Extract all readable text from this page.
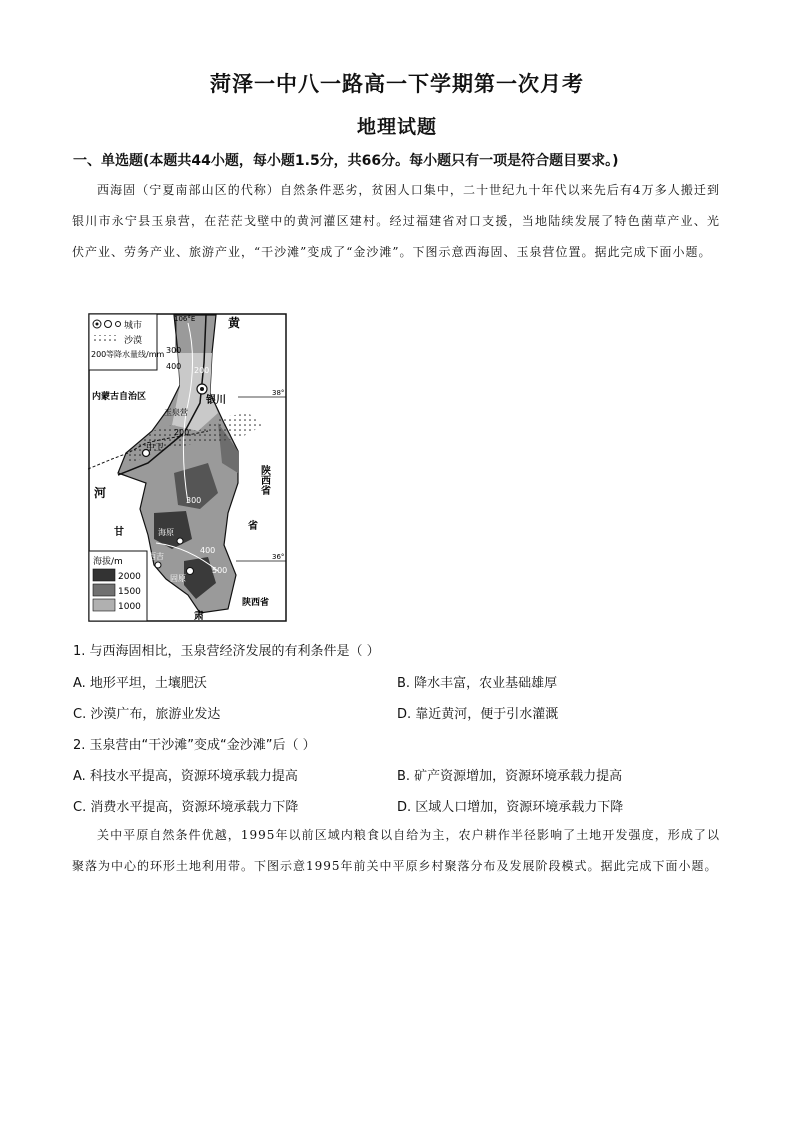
菏泽一中八一路高一下学期第一次月考
地理试题
一、单选题(本题共44小题，每小题1.5分，共66分。每小题只有一项是符合题目要求。)
西海固（宁夏南部山区的代称）自然条件恶劣，贫困人口集中，二十世纪九十年代以来先后有4万多人搬迁到银川市永宁县玉泉营，在茫茫戈壁中的黄河灌区建村。经过福建省对口支援，当地陆续发展了特色菌草产业、光伏产业、劳务产业、旅游产业，“干沙滩”变成了“金沙滩”。下图示意西海固、玉泉营位置。据此完成下面小题。
城市
沙漠
200 等降水量线/mm
海拔/m
2000
1500
1000
106°E
38°
36°
黄
内蒙古自治区
陕西省
河
甘
省
陕西省
肃
银川
玉泉营
中卫
海原
西吉
固原
300
400 200
200
300
400
500
1. 与西海固相比，玉泉营经济发展的有利条件是（ ）
A. 地形平坦，土壤肥沃	B. 降水丰富，农业基础雄厚
C. 沙漠广布，旅游业发达	D. 靠近黄河，便于引水灌溉
2. 玉泉营由“干沙滩”变成“金沙滩”后（ ）
A. 科技水平提高，资源环境承载力提高	B. 矿产资源增加，资源环境承载力提高
C. 消费水平提高，资源环境承载力下降	D. 区域人口增加，资源环境承载力下降
关中平原自然条件优越，1995年以前区域内粮食以自给为主，农户耕作半径影响了土地开发强度，形成了以聚落为中心的环形土地利用带。下图示意1995年前关中平原乡村聚落分布及发展阶段模式。据此完成下面小题。
